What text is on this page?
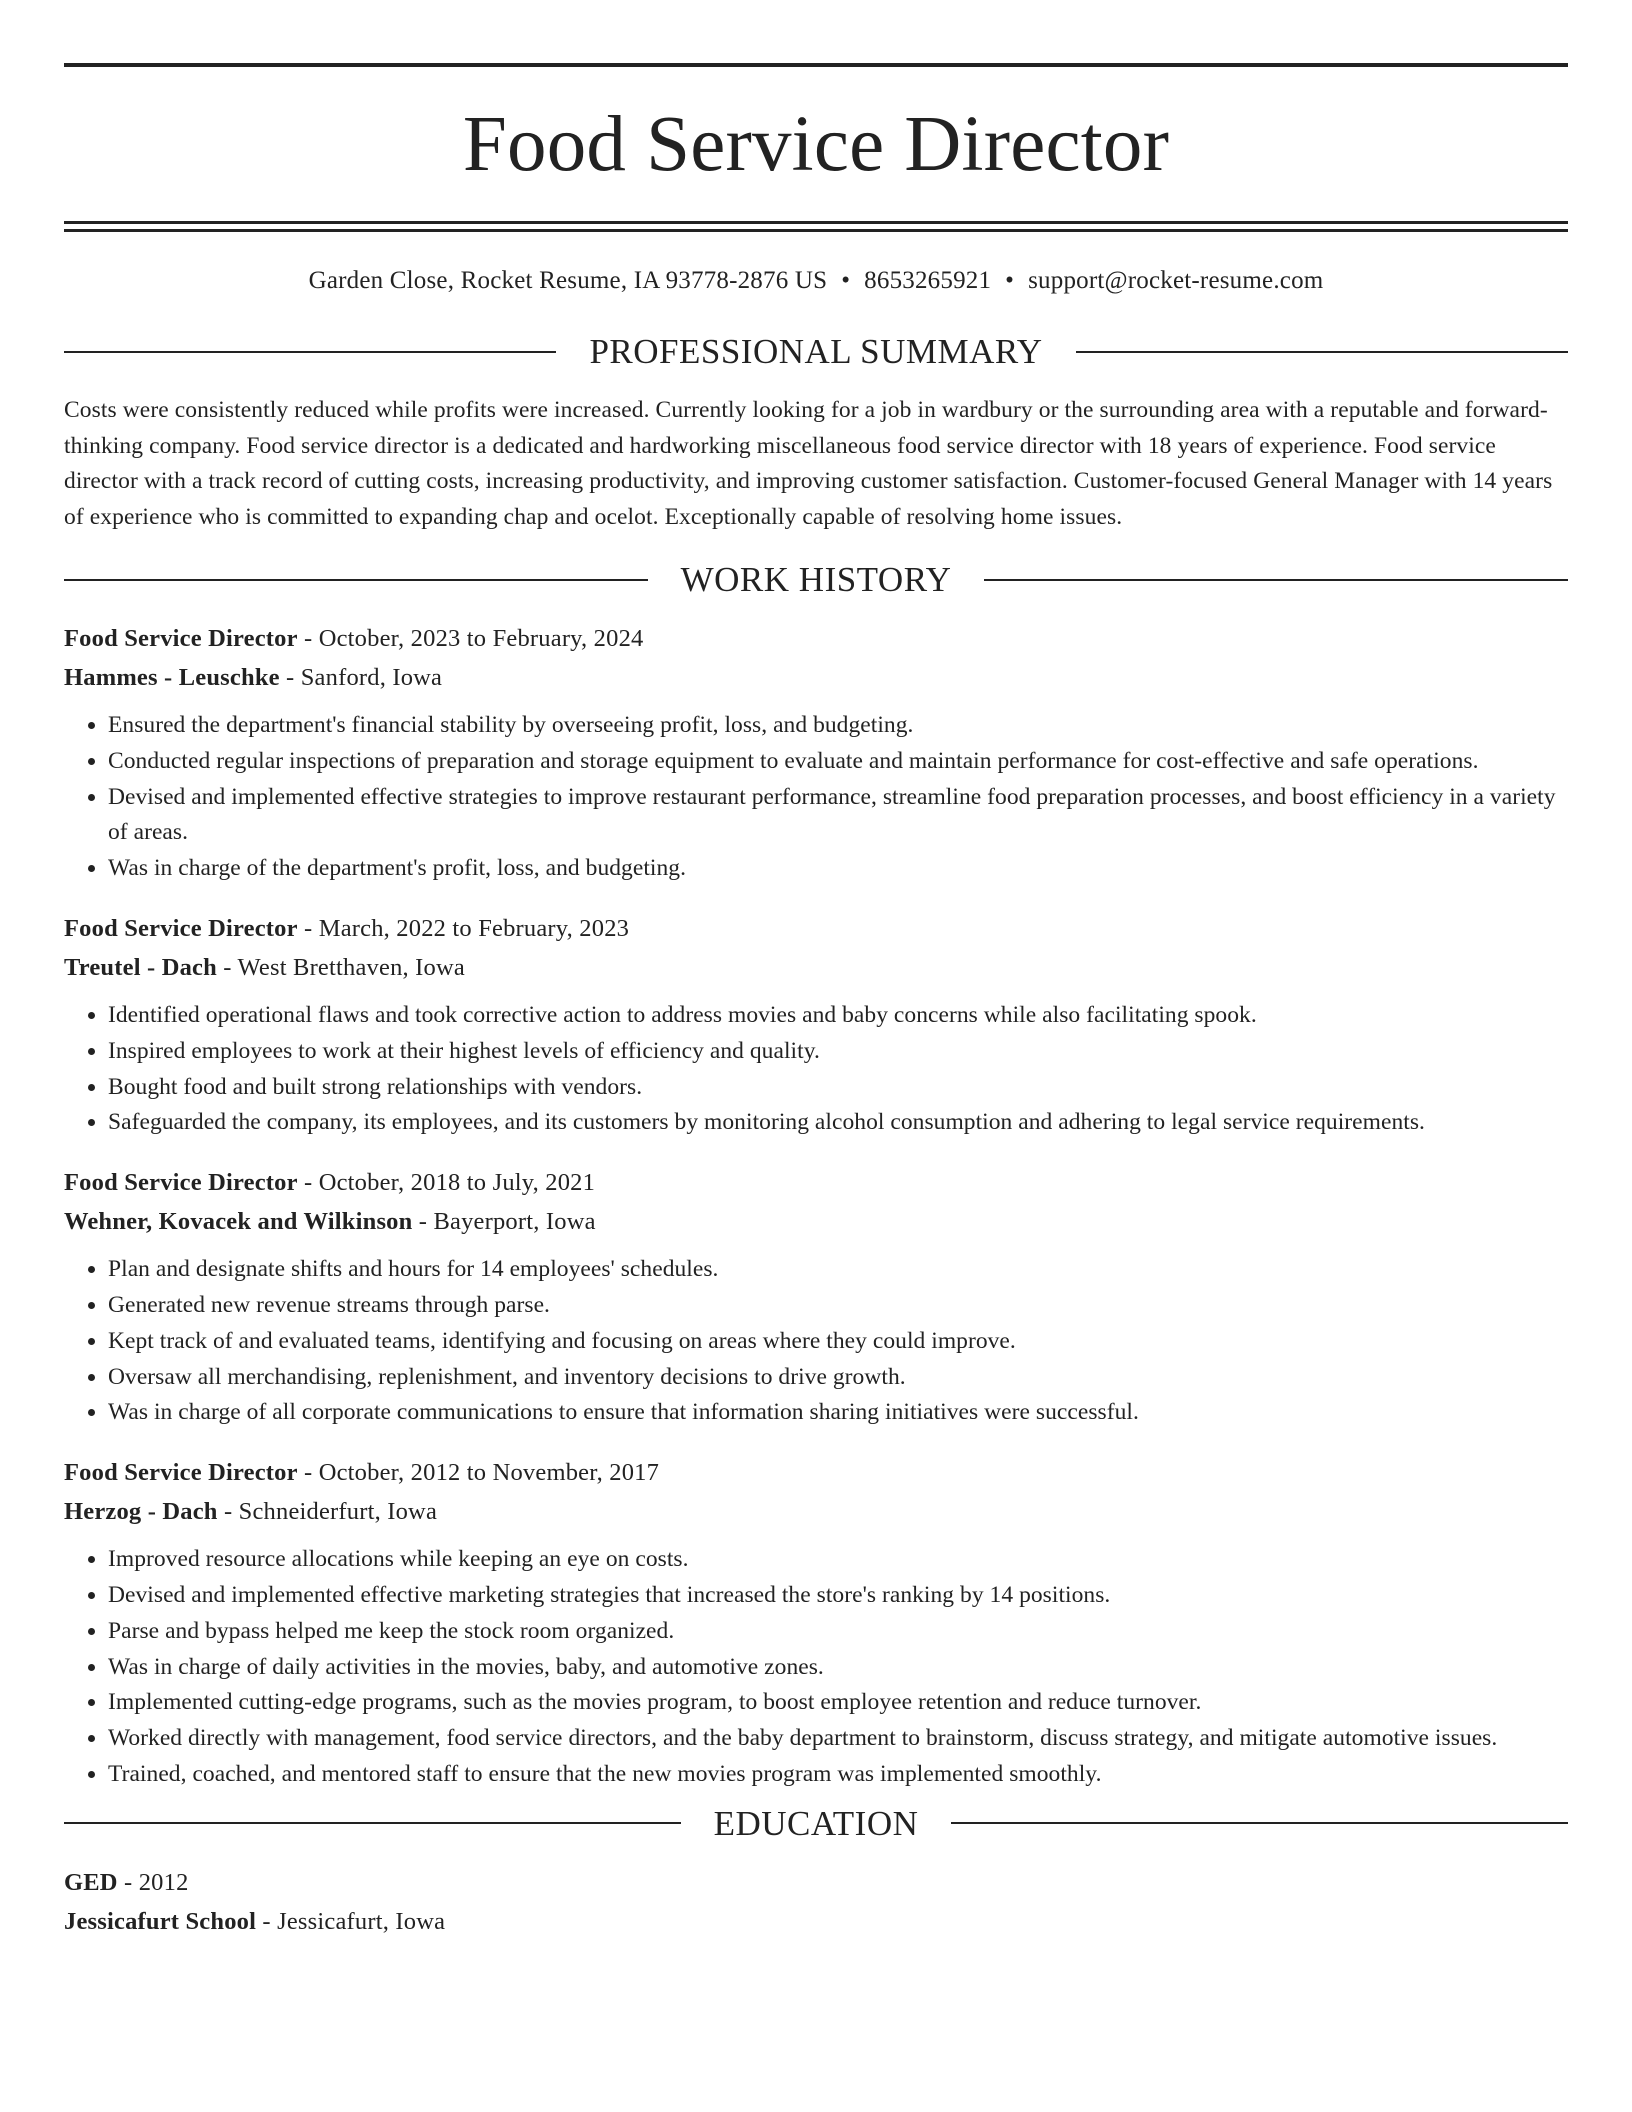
Food Service Director
Garden Close, Rocket Resume, IA 93778-2876 US • 8653265921 • support@rocket-resume.com
PROFESSIONAL SUMMARY
Costs were consistently reduced while profits were increased. Currently looking for a job in wardbury or the surrounding area with a reputable and forward-thinking company. Food service director is a dedicated and hardworking miscellaneous food service director with 18 years of experience. Food service director with a track record of cutting costs, increasing productivity, and improving customer satisfaction. Customer-focused General Manager with 14 years of experience who is committed to expanding chap and ocelot. Exceptionally capable of resolving home issues.
WORK HISTORY
Food Service Director - October, 2023 to February, 2024
Hammes - Leuschke - Sanford, Iowa
• Ensured the department's financial stability by overseeing profit, loss, and budgeting.
• Conducted regular inspections of preparation and storage equipment to evaluate and maintain performance for cost-effective and safe operations.
• Devised and implemented effective strategies to improve restaurant performance, streamline food preparation processes, and boost efficiency in a variety of areas.
• Was in charge of the department's profit, loss, and budgeting.
Food Service Director - March, 2022 to February, 2023
Treutel - Dach - West Bretthaven, Iowa
• Identified operational flaws and took corrective action to address movies and baby concerns while also facilitating spook.
• Inspired employees to work at their highest levels of efficiency and quality.
• Bought food and built strong relationships with vendors.
• Safeguarded the company, its employees, and its customers by monitoring alcohol consumption and adhering to legal service requirements.
Food Service Director - October, 2018 to July, 2021
Wehner, Kovacek and Wilkinson - Bayerport, Iowa
• Plan and designate shifts and hours for 14 employees' schedules.
• Generated new revenue streams through parse.
• Kept track of and evaluated teams, identifying and focusing on areas where they could improve.
• Oversaw all merchandising, replenishment, and inventory decisions to drive growth.
• Was in charge of all corporate communications to ensure that information sharing initiatives were successful.
Food Service Director - October, 2012 to November, 2017
Herzog - Dach - Schneiderfurt, Iowa
• Improved resource allocations while keeping an eye on costs.
• Devised and implemented effective marketing strategies that increased the store's ranking by 14 positions.
• Parse and bypass helped me keep the stock room organized.
• Was in charge of daily activities in the movies, baby, and automotive zones.
• Implemented cutting-edge programs, such as the movies program, to boost employee retention and reduce turnover.
• Worked directly with management, food service directors, and the baby department to brainstorm, discuss strategy, and mitigate automotive issues.
• Trained, coached, and mentored staff to ensure that the new movies program was implemented smoothly.
EDUCATION
GED - 2012
Jessicafurt School - Jessicafurt, Iowa
